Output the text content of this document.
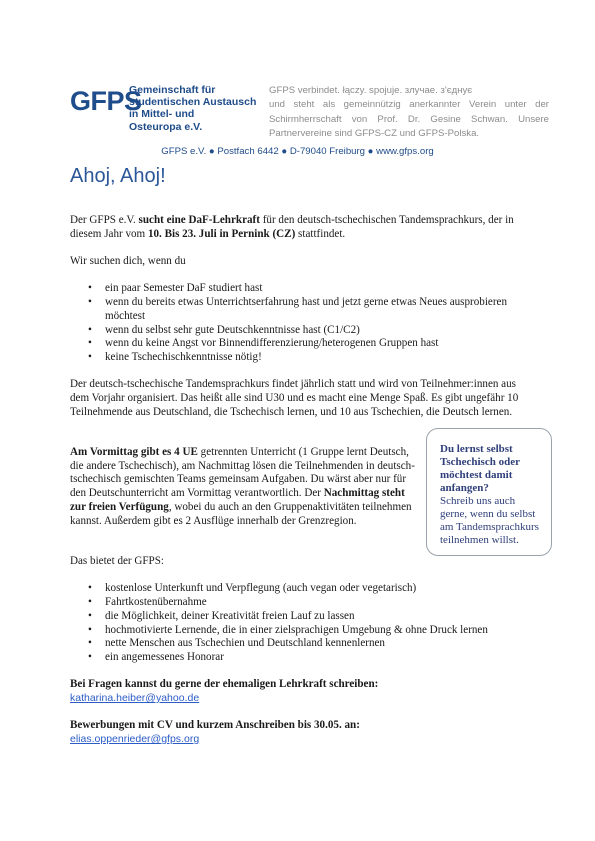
GFPS
Gemeinschaft für
studentischen Austausch
in Mittel- und
Osteuropa e.V.

GFPS verbindet. łączy. spojuje. злучае. з'єднує

und steht als gemeinnützig anerkannter Verein unter der Schirmherrschaft von Prof. Dr. Gesine Schwan. Unsere Partnervereine sind GFPS-CZ und GFPS-Polska.

GFPS e.V. ● Postfach 6442 ● D-79040 Freiburg ● www.gfps.org
Ahoj, Ahoj!

Der GFPS e.V. sucht eine DaF-Lehrkraft für den deutsch-tschechischen Tandemsprachkurs, der in diesem Jahr vom 10. Bis 23. Juli in Pernink (CZ) stattfindet.

Wir suchen dich, wenn du

• ein paar Semester DaF studiert hast
• wenn du bereits etwas Unterrichtserfahrung hast und jetzt gerne etwas Neues ausprobieren möchtest
• wenn du selbst sehr gute Deutschkenntnisse hast (C1/C2)
• wenn du keine Angst vor Binnendifferenzierung/heterogenen Gruppen hast
• keine Tschechischkenntnisse nötig!

Der deutsch-tschechische Tandemsprachkurs findet jährlich statt und wird von Teilnehmer:innen aus dem Vorjahr organisiert. Das heißt alle sind U30 und es macht eine Menge Spaß. Es gibt ungefähr 10 Teilnehmende aus Deutschland, die Tschechisch lernen, und 10 aus Tschechien, die Deutsch lernen.

Am Vormittag gibt es 4 UE getrennten Unterricht (1 Gruppe lernt Deutsch, die andere Tschechisch), am Nachmittag lösen die Teilnehmenden in deutsch-tschechisch gemischten Teams gemeinsam Aufgaben. Du wärst aber nur für den Deutschunterricht am Vormittag verantwortlich. Der Nachmittag steht zur freien Verfügung, wobei du auch an den Gruppenaktivitäten teilnehmen kannst. Außerdem gibt es 2 Ausflüge innerhalb der Grenzregion.

Du lernst selbst Tschechisch oder möchtest damit anfangen?
Schreib uns auch gerne, wenn du selbst am Tandemsprachkurs teilnehmen willst.

Das bietet der GFPS:

• kostenlose Unterkunft und Verpflegung (auch vegan oder vegetarisch)
• Fahrtkostenübernahme
• die Möglichkeit, deiner Kreativität freien Lauf zu lassen
• hochmotivierte Lernende, die in einer zielsprachigen Umgebung & ohne Druck lernen
• nette Menschen aus Tschechien und Deutschland kennenlernen
• ein angemessenes Honorar

Bei Fragen kannst du gerne der ehemaligen Lehrkraft schreiben:

katharina.heiber@yahoo.de

Bewerbungen mit CV und kurzem Anschreiben bis 30.05. an:

elias.oppenrieder@gfps.org
